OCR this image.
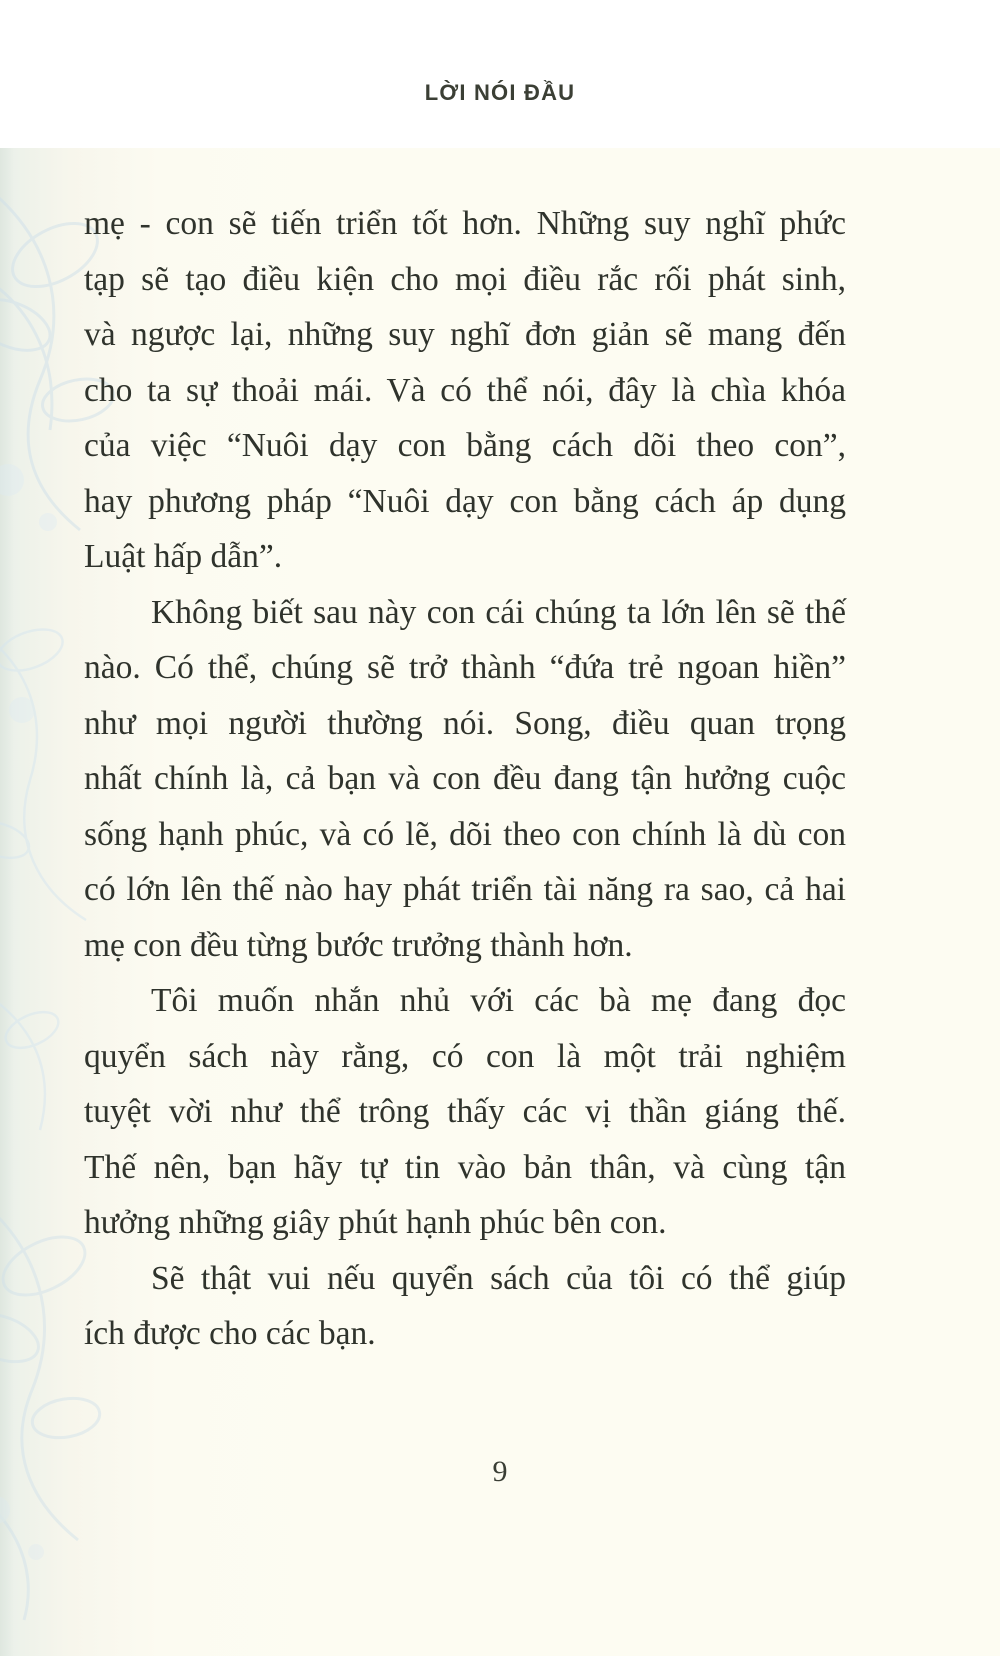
LỜI NÓI ĐẦU

mẹ - con sẽ tiến triển tốt hơn. Những suy nghĩ phức
tạp sẽ tạo điều kiện cho mọi điều rắc rối phát sinh,
và ngược lại, những suy nghĩ đơn giản sẽ mang đến
cho ta sự thoải mái. Và có thể nói, đây là chìa khóa
của việc “Nuôi dạy con bằng cách dõi theo con”,
hay phương pháp “Nuôi dạy con bằng cách áp dụng
Luật hấp dẫn”.

Không biết sau này con cái chúng ta lớn lên sẽ thế
nào. Có thể, chúng sẽ trở thành “đứa trẻ ngoan hiền”
như mọi người thường nói. Song, điều quan trọng
nhất chính là, cả bạn và con đều đang tận hưởng cuộc
sống hạnh phúc, và có lẽ, dõi theo con chính là dù con
có lớn lên thế nào hay phát triển tài năng ra sao, cả hai
mẹ con đều từng bước trưởng thành hơn.

Tôi muốn nhắn nhủ với các bà mẹ đang đọc
quyển sách này rằng, có con là một trải nghiệm
tuyệt vời như thể trông thấy các vị thần giáng thế.
Thế nên, bạn hãy tự tin vào bản thân, và cùng tận
hưởng những giây phút hạnh phúc bên con.

Sẽ thật vui nếu quyển sách của tôi có thể giúp
ích được cho các bạn.

9
